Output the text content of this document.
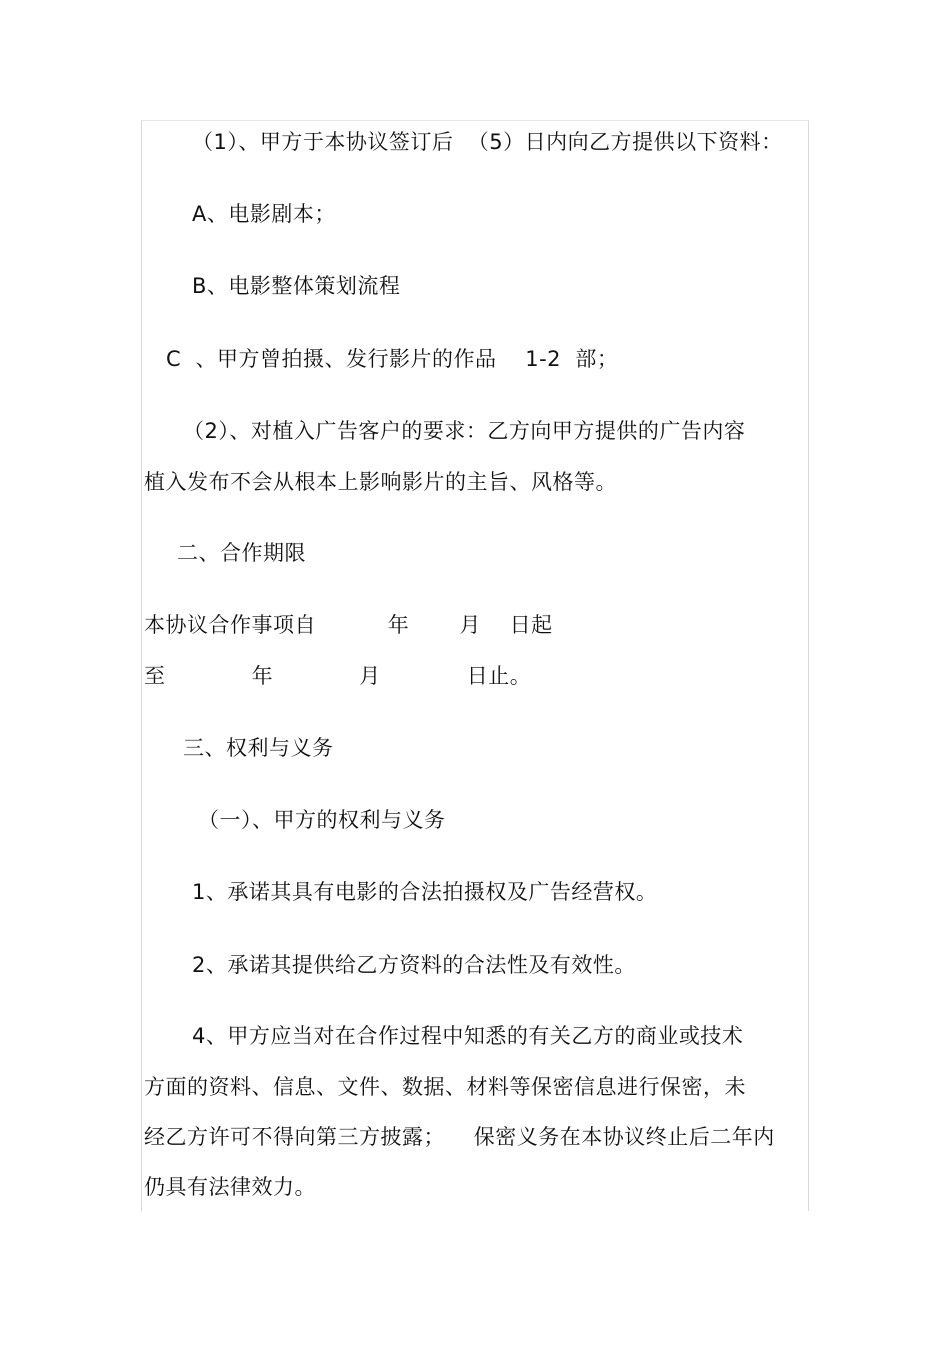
（1）、甲方于本协议签订后  （5）日内向乙方提供以下资料：
A、电影剧本；
B、电影整体策划流程
C  、甲方曾拍摄、发行影片的作品    1-2  部；
（2）、对植入广告客户的要求：乙方向甲方提供的广告内容
植入发布不会从根本上影响影片的主旨、风格等。
二、合作期限
本协议合作事项自          年       月    日起
至            年            月            日止。
三、权利与义务
（一）、甲方的权利与义务
1、承诺其具有电影的合法拍摄权及广告经营权。
2、承诺其提供给乙方资料的合法性及有效性。
4、甲方应当对在合作过程中知悉的有关乙方的商业或技术
方面的资料、信息、文件、数据、材料等保密信息进行保密，未
经乙方许可不得向第三方披露；    保密义务在本协议终止后二年内
仍具有法律效力。
